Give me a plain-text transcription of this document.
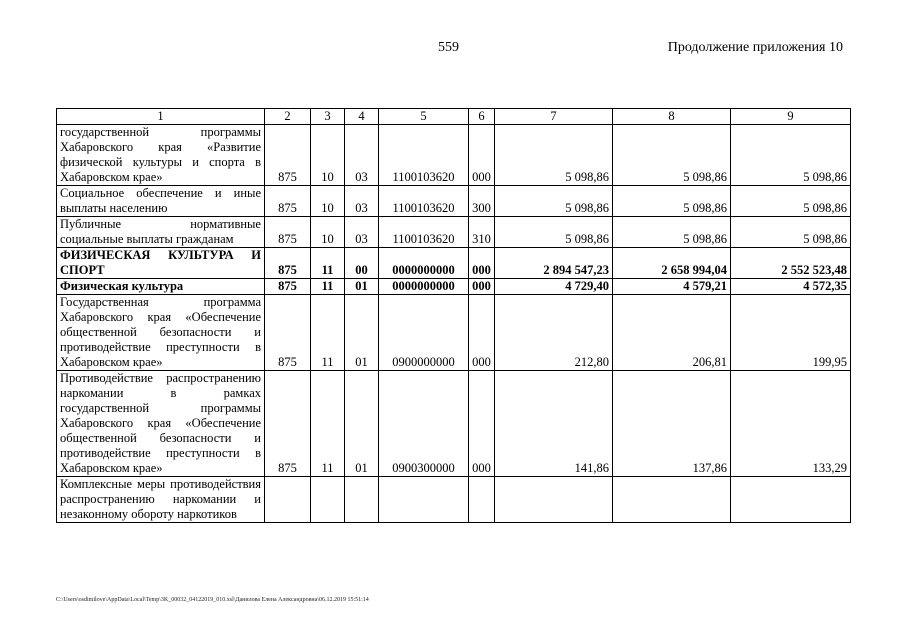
559	Продолжение приложения 10
1	2	3	4	5	6	7	8	9
государственной программы Хабаровского края «Развитие физической культуры и спорта в Хабаровском крае»	875	10	03	1100103620	000	5 098,86	5 098,86	5 098,86
Социальное обеспечение и иные выплаты населению	875	10	03	1100103620	300	5 098,86	5 098,86	5 098,86
Публичные нормативные социальные выплаты гражданам	875	10	03	1100103620	310	5 098,86	5 098,86	5 098,86
ФИЗИЧЕСКАЯ КУЛЬТУРА И СПОРТ	875	11	00	0000000000	000	2 894 547,23	2 658 994,04	2 552 523,48
Физическая культура	875	11	01	0000000000	000	4 729,40	4 579,21	4 572,35
Государственная программа Хабаровского края «Обеспечение общественной безопасности и противодействие преступности в Хабаровском крае»	875	11	01	0900000000	000	212,80	206,81	199,95
Противодействие распространению наркомании в рамках государственной программы Хабаровского края «Обеспечение общественной безопасности и противодействие преступности в Хабаровском крае»	875	11	01	0900300000	000	141,86	137,86	133,29
Комплексные меры противодействия распространению наркомании и незаконному обороту наркотиков								
C:\Users\osdimilove\AppData\Local\Temp\3K_00032_04122019_010.xsl\Данилова Елена Александровна\06.12.2019 15:51:14
